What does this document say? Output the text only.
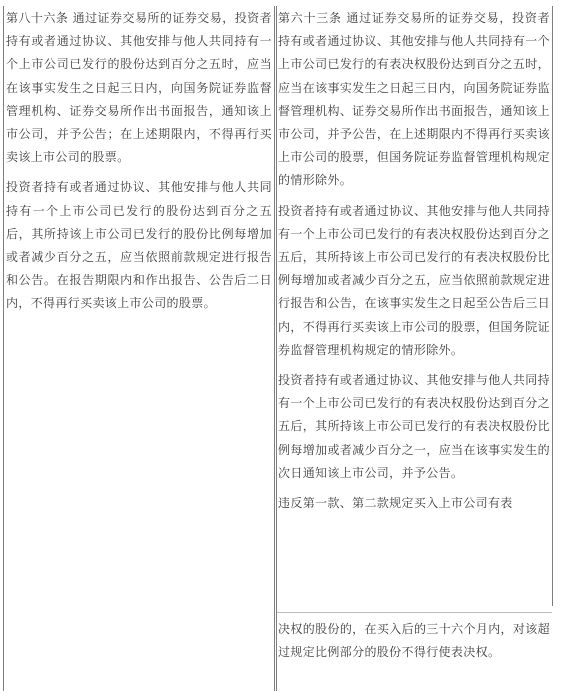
第八十六条 通过证券交易所的证券交易，投资者持有或者通过协议、其他安排与他人共同持有一个上市公司已发行的股份达到百分之五时，应当在该事实发生之日起三日内，向国务院证券监督管理机构、证券交易所作出书面报告，通知该上市公司，并予公告；在上述期限内，不得再行买卖该上市公司的股票。

投资者持有或者通过协议、其他安排与他人共同持有一个上市公司已发行的股份达到百分之五后，其所持该上市公司已发行的股份比例每增加或者减少百分之五，应当依照前款规定进行报告和公告。在报告期限内和作出报告、公告后二日内，不得再行买卖该上市公司的股票。

第六十三条 通过证券交易所的证券交易，投资者持有或者通过协议、其他安排与他人共同持有一个上市公司已发行的有表决权股份达到百分之五时，应当在该事实发生之日起三日内，向国务院证券监督管理机构、证券交易所作出书面报告，通知该上市公司，并予公告，在上述期限内不得再行买卖该上市公司的股票，但国务院证券监督管理机构规定的情形除外。

投资者持有或者通过协议、其他安排与他人共同持有一个上市公司已发行的有表决权股份达到百分之五后，其所持该上市公司已发行的有表决权股份比例每增加或者减少百分之五，应当依照前款规定进行报告和公告，在该事实发生之日起至公告后三日内，不得再行买卖该上市公司的股票，但国务院证券监督管理机构规定的情形除外。

投资者持有或者通过协议、其他安排与他人共同持有一个上市公司已发行的有表决权股份达到百分之五后，其所持该上市公司已发行的有表决权股份比例每增加或者减少百分之一，应当在该事实发生的次日通知该上市公司，并予公告。

违反第一款、第二款规定买入上市公司有表

决权的股份的，在买入后的三十六个月内，对该超过规定比例部分的股份不得行使表决权。
